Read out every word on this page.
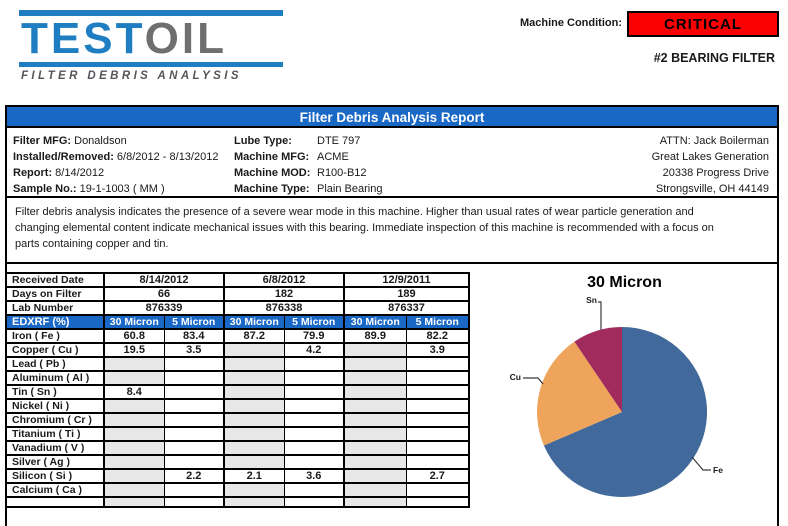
TESTOIL
FILTER DEBRIS ANALYSIS
Machine Condition:	CRITICAL
#2 BEARING FILTER
Filter Debris Analysis Report
Filter MFG: Donaldson
Installed/Removed: 6/8/2012 - 8/13/2012
Report: 8/14/2012
Sample No.: 19-1-1003 ( MM )
Lube Type:	DTE 797
Machine MFG: ACME
Machine MOD: R100-B12
Machine Type: Plain Bearing
ATTN: Jack Boilerman
Great Lakes Generation
20338 Progress Drive
Strongsville, OH 44149

Filter debris analysis indicates the presence of a severe wear mode in this machine. Higher than usual rates of wear particle generation and changing elemental content indicate mechanical issues with this bearing. Immediate inspection of this machine is recommended with a focus on parts containing copper and tin.

Received Date	8/14/2012		6/8/2012		12/9/2011	
Days on Filter	66		182		189	
Lab Number	876339		876338		876337	
EDXRF (%)	30 Micron	5 Micron	30 Micron	5 Micron	30 Micron	5 Micron
Iron ( Fe )	60.8	83.4	87.2	79.9	89.9	82.2
Copper ( Cu )	19.5	3.5		4.2		3.9
Lead ( Pb )						
Aluminum ( Al )						
Tin ( Sn )	8.4					
Nickel ( Ni )						
Chromium ( Cr )						
Titanium ( Ti )						
Vanadium ( V )						
Silver ( Ag )						
Silicon ( Si )		2.2	2.1	3.6		2.7
Calcium ( Ca )						

30 Micron
Sn
Cu
Fe
